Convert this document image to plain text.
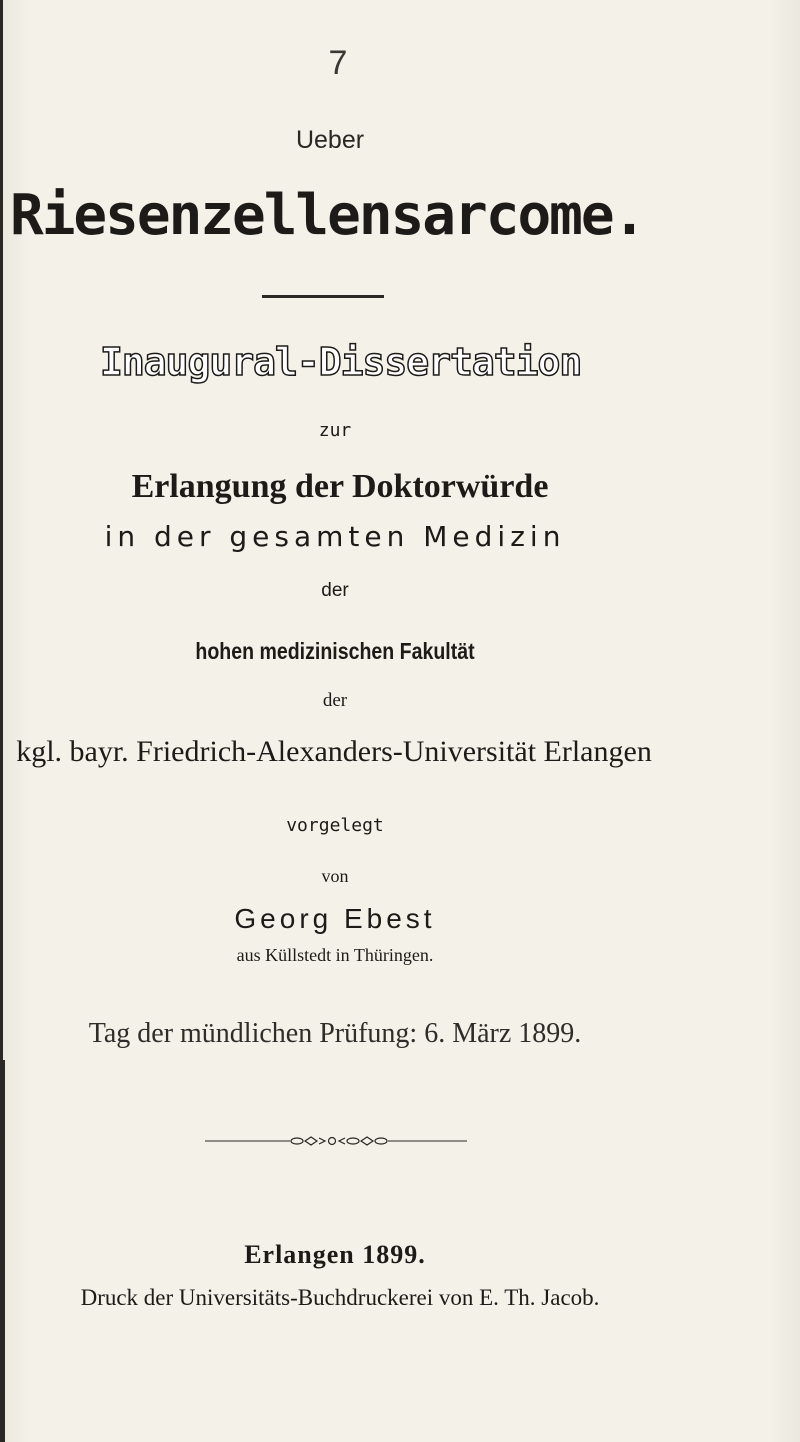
7
Ueber
Riesenzellensarcome.
Inaugural-Dissertation
zur
Erlangung der Doktorwürde
in der gesamten Medizin
der
hohen medizinischen Fakultät
der
kgl. bayr. Friedrich-Alexanders-Universität Erlangen
vorgelegt
von
Georg Ebest
aus Küllstedt in Thüringen.
Tag der mündlichen Prüfung: 6. März 1899.
Erlangen 1899.
Druck der Universitäts-Buchdruckerei von E. Th. Jacob.
